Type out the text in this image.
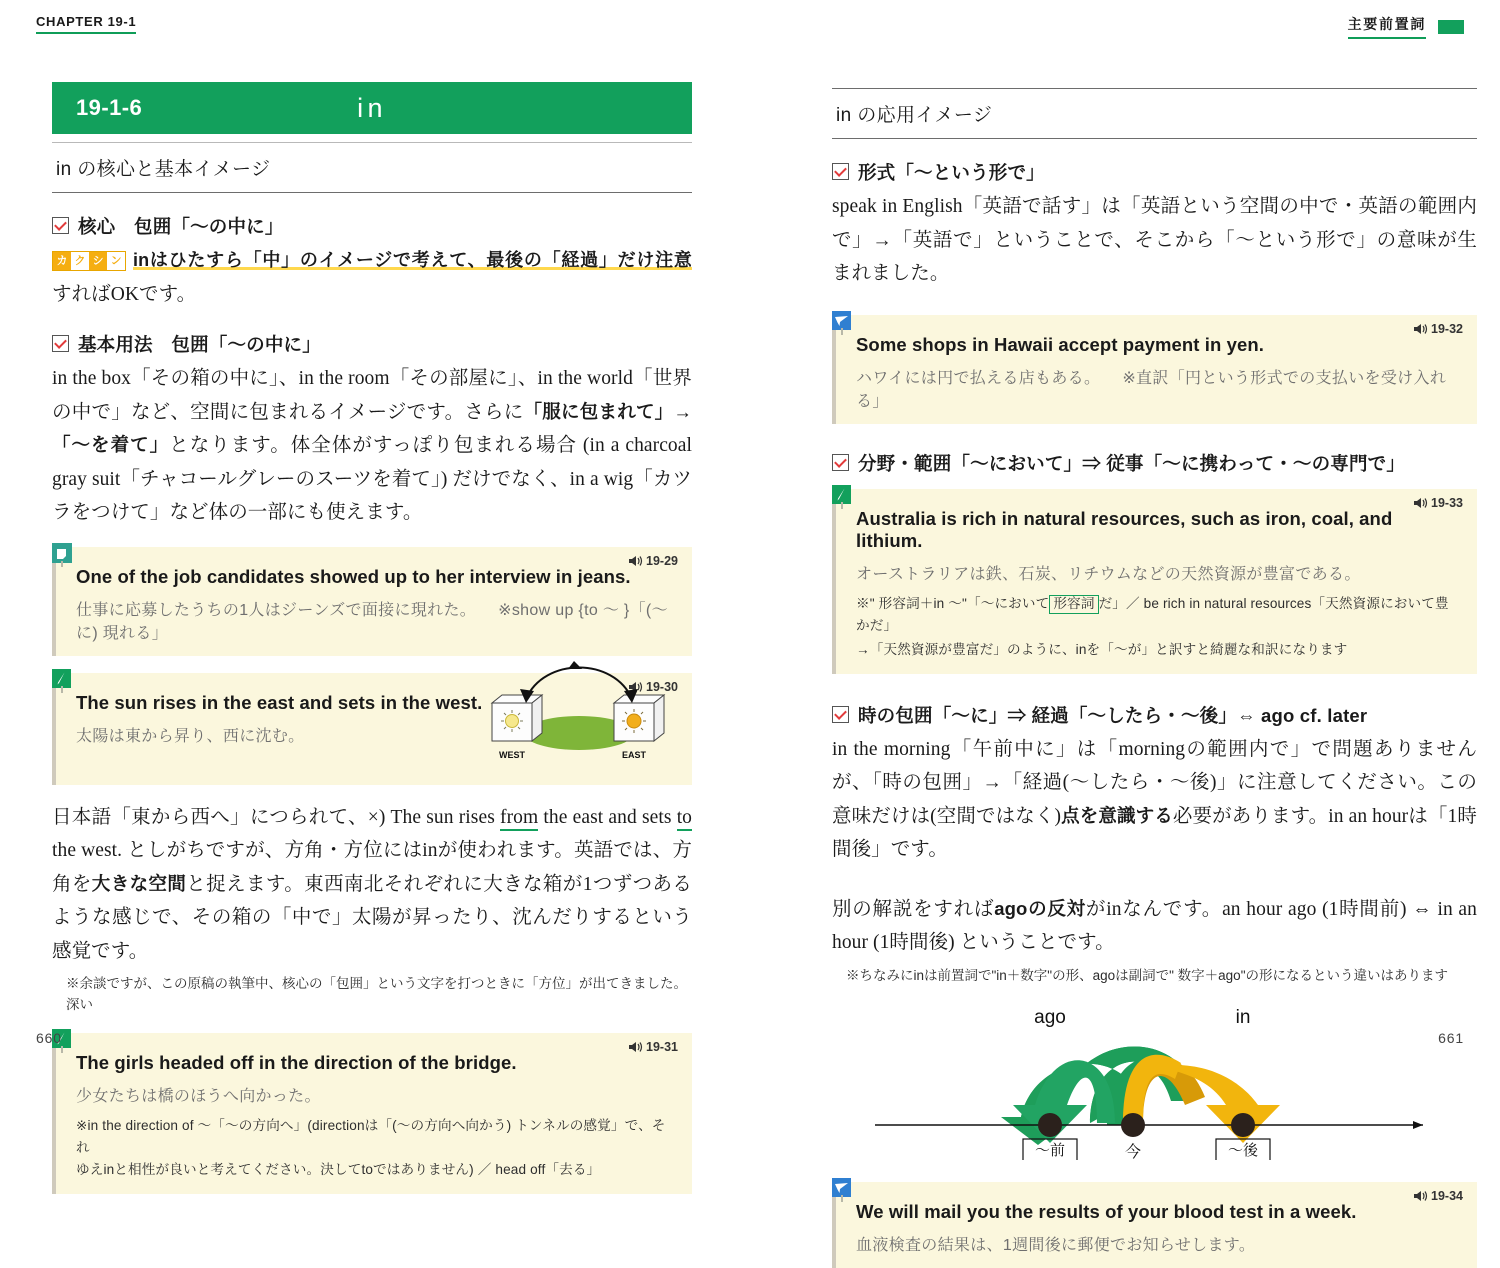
CHAPTER 19-1	主要前置詞
19-1-6	in
in の核心と基本イメージ
核心　包囲「〜の中に」
カ ク シ ン inはひたすら「中」のイメージで考えて、最後の「経過」だけ注意すればOKです。
基本用法　包囲「〜の中に」
in the box「その箱の中に」、in the room「その部屋に」、in the world「世界の中で」など、空間に包まれるイメージです。さらに「服に包まれて」→「〜を着て」となります。体全体がすっぽり包まれる場合 (in a charcoal gray suit「チャコールグレーのスーツを着て」) だけでなく、in a wig「カツラをつけて」など体の一部にも使えます。
19-29
One of the job candidates showed up to her interview in jeans.
仕事に応募したうちの1人はジーンズで面接に現れた。 ※show up {to 〜 }「(〜に) 現れる」
19-30
WEST	EAST
The sun rises in the east and sets in the west.
太陽は東から昇り、西に沈む。
日本語「東から西へ」につられて、×) The sun rises from the east and sets to the west. としがちですが、方角・方位にはinが使われます。英語では、方角を大きな空間と捉えます。東西南北それぞれに大きな箱が1つずつあるような感じで、その箱の「中で」太陽が昇ったり、沈んだりするという感覚です。
※余談ですが、この原稿の執筆中、核心の「包囲」という文字を打つときに「方位」が出てきました。深い
19-31
The girls headed off in the direction of the bridge.
少女たちは橋のほうへ向かった。
※in the direction of 〜「〜の方向へ」(directionは「(〜の方向へ向かう) トンネルの感覚」で、それ
ゆえinと相性が良いと考えてください。決してtoではありません) ／ head off「去る」
in の応用イメージ
形式「〜という形で」
speak in English「英語で話す」は「英語という空間の中で・英語の範囲内で」→「英語で」ということで、そこから「〜という形で」の意味が生まれました。
19-32
Some shops in Hawaii accept payment in yen.
ハワイには円で払える店もある。 ※直訳「円という形式での支払いを受け入れる」
分野・範囲「〜において」⇒ 従事「〜に携わって・〜の専門で」
19-33
Australia is rich in natural resources, such as iron, coal, and lithium.
オーストラリアは鉄、石炭、リチウムなどの天然資源が豊富である。
※" 形容詞＋in 〜"「〜において 形容詞 だ」／ be rich in natural resources「天然資源において豊かだ」
→「天然資源が豊富だ」のように、inを「〜が」と訳すと綺麗な和訳になります
時の包囲「〜に」⇒ 経過「〜したら・〜後」⇔ ago cf. later
in the morning「午前中に」は「morningの範囲内で」で問題ありませんが、「時の包囲」→「経過(〜したら・〜後)」に注意してください。この意味だけは(空間ではなく)点を意識する必要があります。in an hourは「1時間後」です。
別の解説をすればagoの反対がinなんです。an hour ago (1時間前) ⇔ in an hour (1時間後) ということです。
※ちなみにinは前置詞で"in＋数字"の形、agoは副詞で" 数字＋ago"の形になるという違いはあります
ago	in
〜前	今	〜後
19-34
We will mail you the results of your blood test in a week.
血液検査の結果は、1週間後に郵便でお知らせします。
660	661
